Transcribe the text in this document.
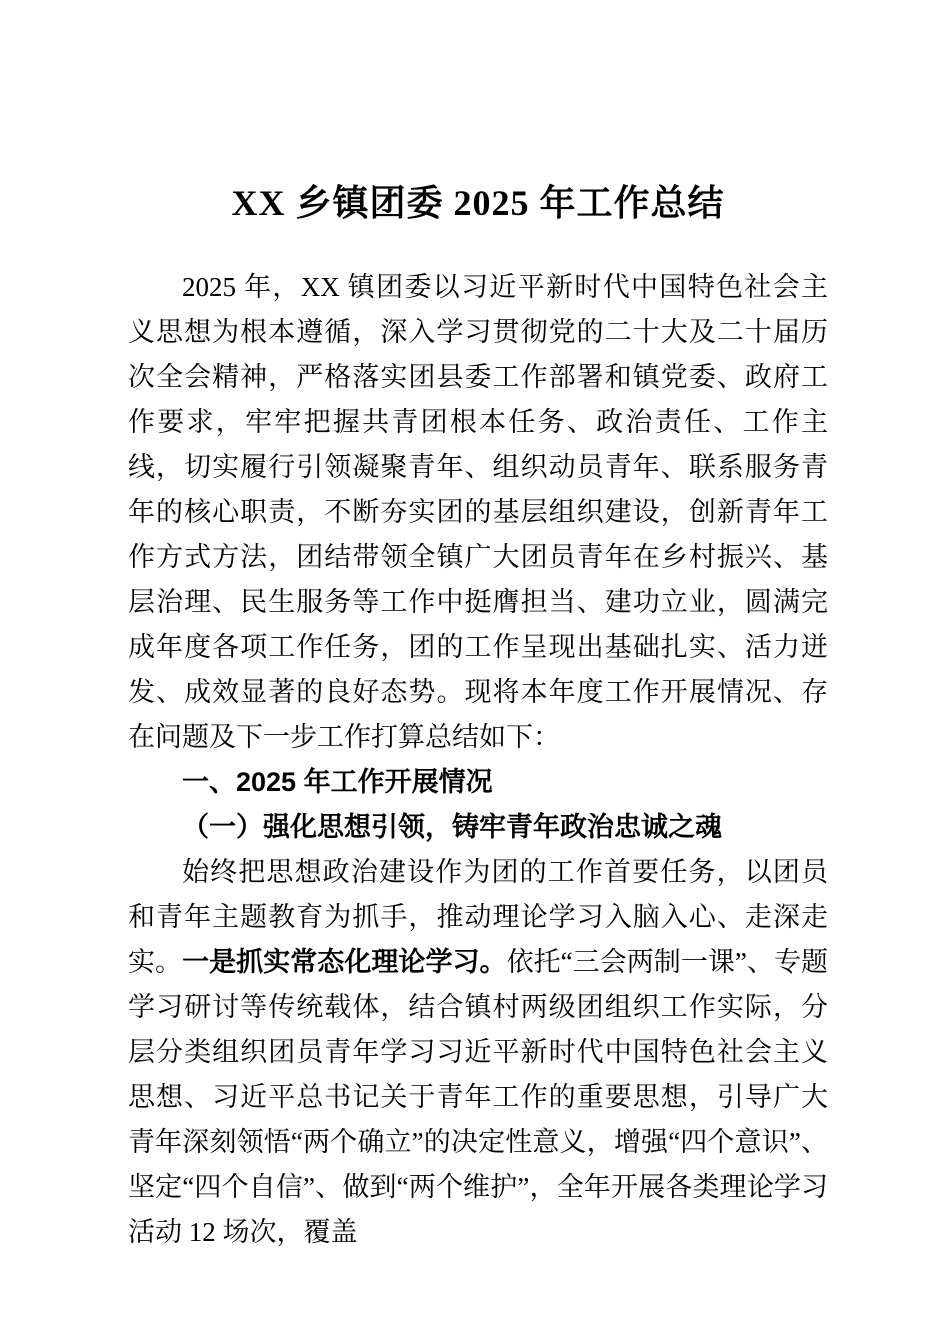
XX 乡镇团委 2025 年工作总结

2025 年，XX 镇团委以习近平新时代中国特色社会主义思想为根本遵循，深入学习贯彻党的二十大及二十届历次全会精神，严格落实团县委工作部署和镇党委、政府工作要求，牢牢把握共青团根本任务、政治责任、工作主线，切实履行引领凝聚青年、组织动员青年、联系服务青年的核心职责，不断夯实团的基层组织建设，创新青年工作方式方法，团结带领全镇广大团员青年在乡村振兴、基层治理、民生服务等工作中挺膺担当、建功立业，圆满完成年度各项工作任务，团的工作呈现出基础扎实、活力迸发、成效显著的良好态势。现将本年度工作开展情况、存在问题及下一步工作打算总结如下：

一、2025 年工作开展情况
（一）强化思想引领，铸牢青年政治忠诚之魂

始终把思想政治建设作为团的工作首要任务，以团员和青年主题教育为抓手，推动理论学习入脑入心、走深走实。一是抓实常态化理论学习。依托“三会两制一课”、专题学习研讨等传统载体，结合镇村两级团组织工作实际，分层分类组织团员青年学习习近平新时代中国特色社会主义思想、习近平总书记关于青年工作的重要思想，引导广大青年深刻领悟“两个确立”的决定性意义，增强“四个意识”、坚定“四个自信”、做到“两个维护”，全年开展各类理论学习活动 12 场次，覆盖
